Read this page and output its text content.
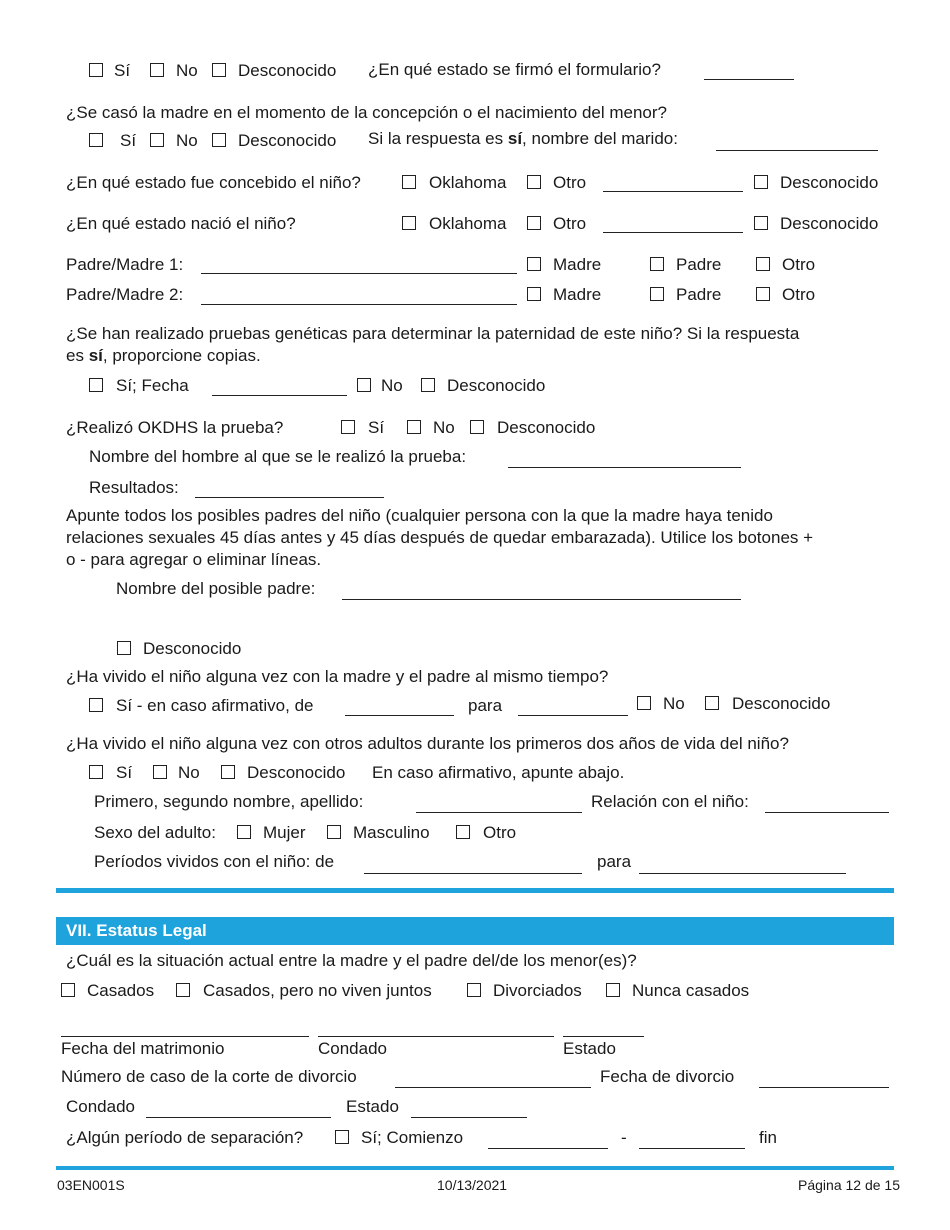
Sí	No Desconocido ¿En qué estado se firmó el formulario?
¿Se casó la madre en el momento de la concepción o el nacimiento del menor?
Sí No Desconocido Si la respuesta es sí, nombre del marido:
¿En qué estado fue concebido el niño?	Oklahoma	Otro	Desconocido
¿En qué estado nació el niño?	Oklahoma	Otro	Desconocido
Padre/Madre 1:	Madre	Padre	Otro
Padre/Madre 2:	Madre	Padre	Otro
¿Se han realizado pruebas genéticas para determinar la paternidad de este niño? Si la respuesta
es sí, proporcione copias.
Sí; Fecha	No	Desconocido
¿Realizó OKDHS la prueba?	Sí	No Desconocido
Nombre del hombre al que se le realizó la prueba:
Resultados:
Apunte todos los posibles padres del niño (cualquier persona con la que la madre haya tenido
relaciones sexuales 45 días antes y 45 días después de quedar embarazada). Utilice los botones +
o - para agregar o eliminar líneas.
Nombre del posible padre:
Desconocido
¿Ha vivido el niño alguna vez con la madre y el padre al mismo tiempo?
Sí - en caso afirmativo, de	para	No	Desconocido
¿Ha vivido el niño alguna vez con otros adultos durante los primeros dos años de vida del niño?
Sí	No	Desconocido En caso afirmativo, apunte abajo.
Primero, segundo nombre, apellido:	Relación con el niño:
Sexo del adulto:	Mujer	Masculino	Otro
Períodos vividos con el niño: de	para
VII. Estatus Legal
¿Cuál es la situación actual entre la madre y el padre del/de los menor(es)?
Casados	Casados, pero no viven juntos	Divorciados	Nunca casados
Fecha del matrimonio	Condado	Estado
Número de caso de la corte de divorcio	Fecha de divorcio
Condado	Estado
¿Algún período de separación?	Sí; Comienzo	-	fin
03EN001S	10/13/2021	Página 12 de 15
